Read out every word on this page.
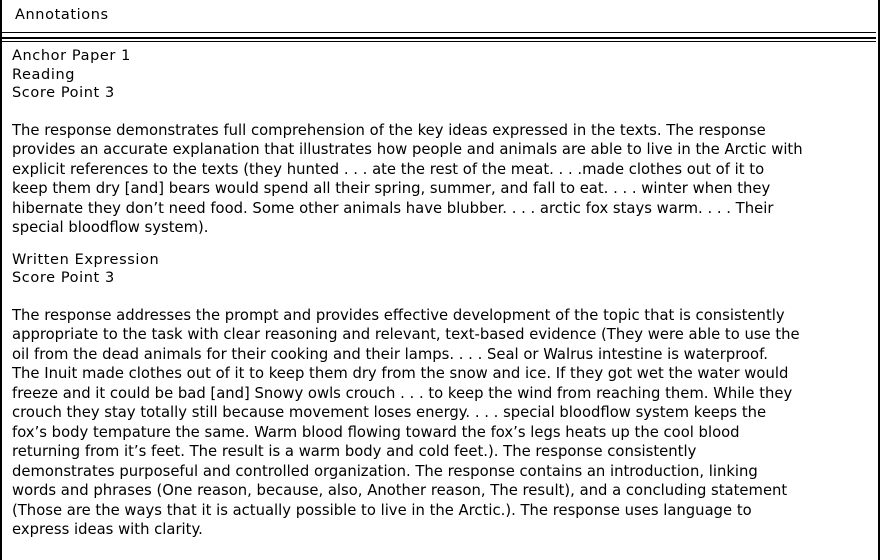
Annotations
Anchor Paper 1
Reading
Score Point 3

The response demonstrates full comprehension of the key ideas expressed in the texts. The response
provides an accurate explanation that illustrates how people and animals are able to live in the Arctic with
explicit references to the texts (they hunted . . . ate the rest of the meat. . . .made clothes out of it to
keep them dry [and] bears would spend all their spring, summer, and fall to eat. . . . winter when they
hibernate they don’t need food. Some other animals have blubber. . . . arctic fox stays warm. . . . Their
special bloodflow system).

Written Expression
Score Point 3

The response addresses the prompt and provides effective development of the topic that is consistently
appropriate to the task with clear reasoning and relevant, text-based evidence (They were able to use the
oil from the dead animals for their cooking and their lamps. . . . Seal or Walrus intestine is waterproof.
The Inuit made clothes out of it to keep them dry from the snow and ice. If they got wet the water would
freeze and it could be bad [and] Snowy owls crouch . . . to keep the wind from reaching them. While they
crouch they stay totally still because movement loses energy. . . . special bloodflow system keeps the
fox’s body tempature the same. Warm blood flowing toward the fox’s legs heats up the cool blood
returning from it’s feet. The result is a warm body and cold feet.). The response consistently
demonstrates purposeful and controlled organization. The response contains an introduction, linking
words and phrases (One reason, because, also, Another reason, The result), and a concluding statement
(Those are the ways that it is actually possible to live in the Arctic.). The response uses language to
express ideas with clarity.
